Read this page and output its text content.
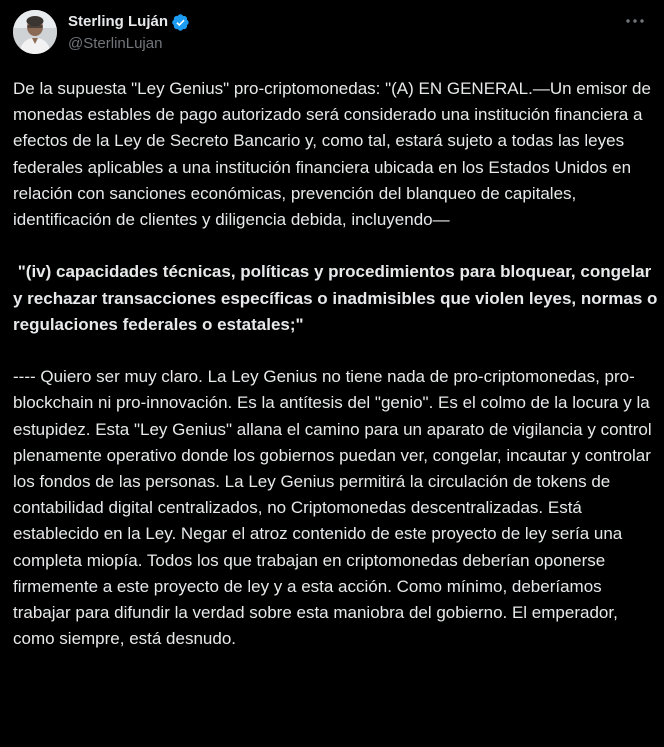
Sterling Luján
@SterlinLujan

De la supuesta "Ley Genius" pro-criptomonedas: "(A) EN GENERAL.—Un emisor de monedas estables de pago autorizado será considerado una institución financiera a efectos de la Ley de Secreto Bancario y, como tal, estará sujeto a todas las leyes federales aplicables a una institución financiera ubicada en los Estados Unidos en relación con sanciones económicas, prevención del blanqueo de capitales, identificación de clientes y diligencia debida, incluyendo—

"(iv) capacidades técnicas, políticas y procedimientos para bloquear, congelar y rechazar transacciones específicas o inadmisibles que violen leyes, normas o regulaciones federales o estatales;"

---- Quiero ser muy claro. La Ley Genius no tiene nada de pro-criptomonedas, pro-blockchain ni pro-innovación. Es la antítesis del "genio". Es el colmo de la locura y la estupidez. Esta "Ley Genius" allana el camino para un aparato de vigilancia y control plenamente operativo donde los gobiernos puedan ver, congelar, incautar y controlar los fondos de las personas. La Ley Genius permitirá la circulación de tokens de contabilidad digital centralizados, no Criptomonedas descentralizadas. Está establecido en la Ley. Negar el atroz contenido de este proyecto de ley sería una completa miopía. Todos los que trabajan en criptomonedas deberían oponerse firmemente a este proyecto de ley y a esta acción. Como mínimo, deberíamos trabajar para difundir la verdad sobre esta maniobra del gobierno. El emperador, como siempre, está desnudo.
